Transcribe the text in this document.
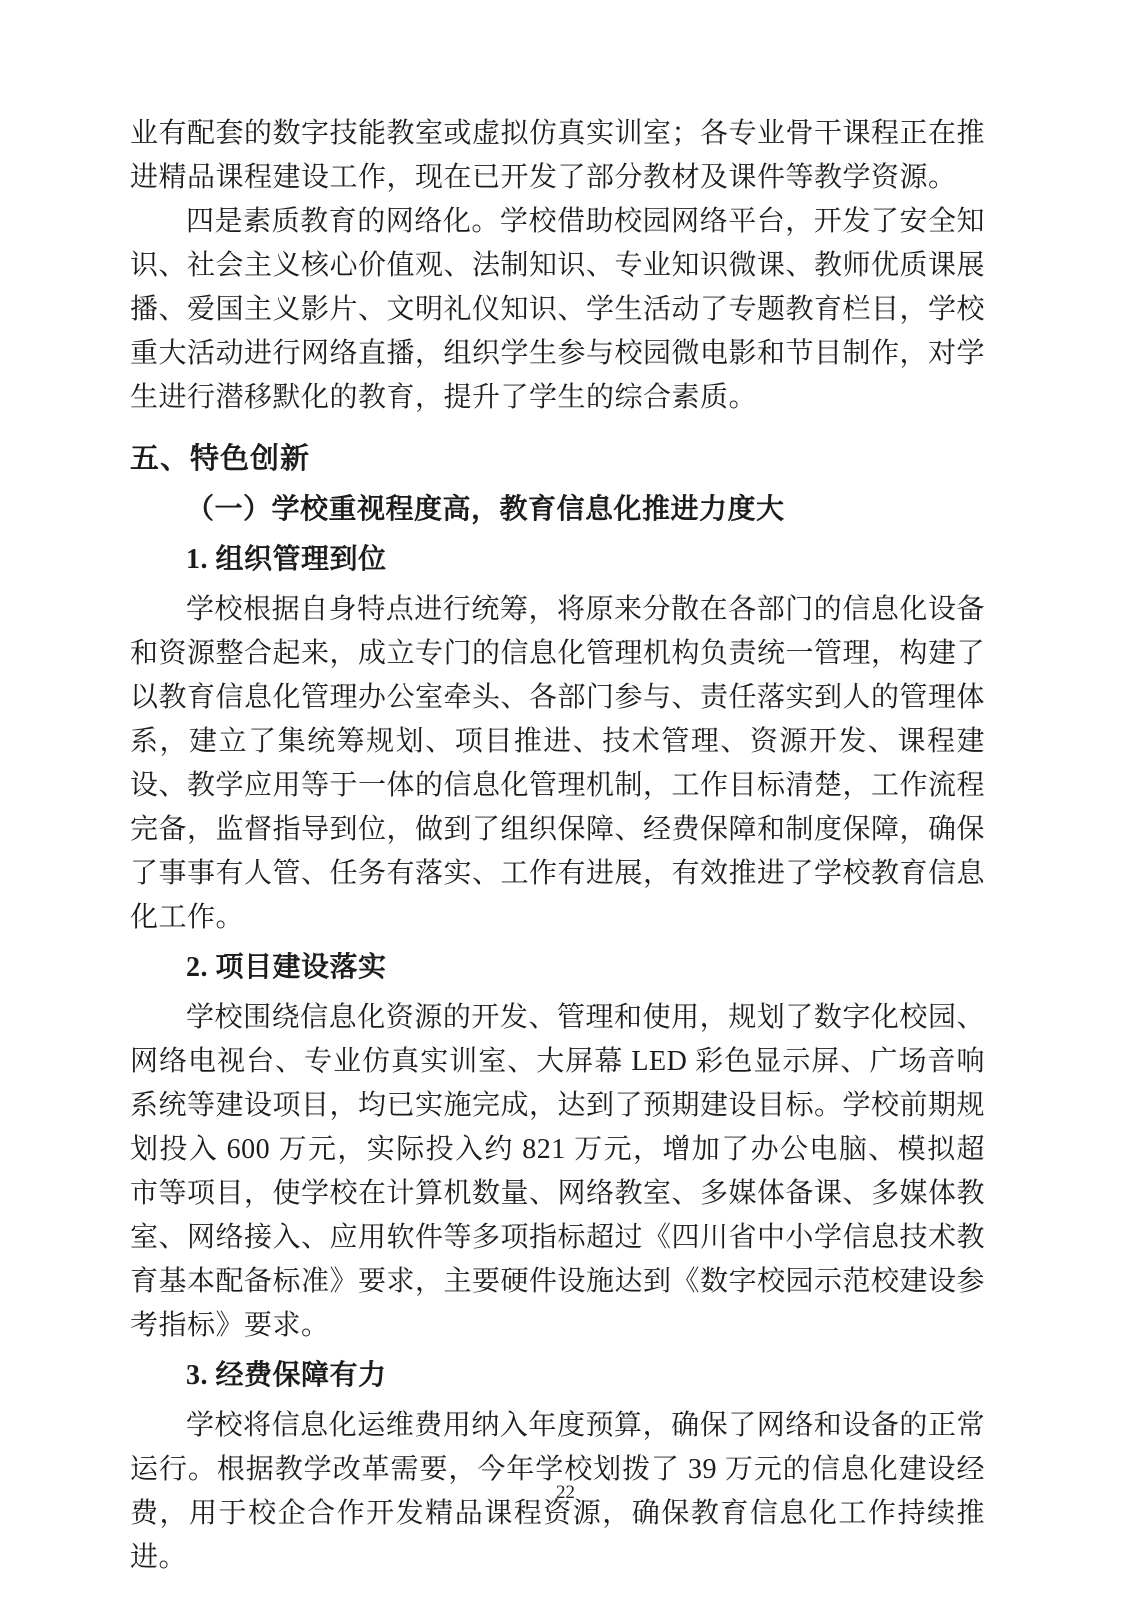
业有配套的数字技能教室或虚拟仿真实训室；各专业骨干课程正在推进精品课程建设工作，现在已开发了部分教材及课件等教学资源。

四是素质教育的网络化。学校借助校园网络平台，开发了安全知识、社会主义核心价值观、法制知识、专业知识微课、教师优质课展播、爱国主义影片、文明礼仪知识、学生活动了专题教育栏目，学校重大活动进行网络直播，组织学生参与校园微电影和节目制作，对学生进行潜移默化的教育，提升了学生的综合素质。

五、特色创新
（一）学校重视程度高，教育信息化推进力度大
1. 组织管理到位

学校根据自身特点进行统筹，将原来分散在各部门的信息化设备和资源整合起来，成立专门的信息化管理机构负责统一管理，构建了以教育信息化管理办公室牵头、各部门参与、责任落实到人的管理体系，建立了集统筹规划、项目推进、技术管理、资源开发、课程建设、教学应用等于一体的信息化管理机制，工作目标清楚，工作流程完备，监督指导到位，做到了组织保障、经费保障和制度保障，确保了事事有人管、任务有落实、工作有进展，有效推进了学校教育信息化工作。

2. 项目建设落实

学校围绕信息化资源的开发、管理和使用，规划了数字化校园、网络电视台、专业仿真实训室、大屏幕 LED 彩色显示屏、广场音响系统等建设项目，均已实施完成，达到了预期建设目标。学校前期规划投入 600 万元，实际投入约 821 万元，增加了办公电脑、模拟超市等项目，使学校在计算机数量、网络教室、多媒体备课、多媒体教室、网络接入、应用软件等多项指标超过《四川省中小学信息技术教育基本配备标准》要求，主要硬件设施达到《数字校园示范校建设参考指标》要求。

3. 经费保障有力

学校将信息化运维费用纳入年度预算，确保了网络和设备的正常运行。根据教学改革需要，今年学校划拨了 39 万元的信息化建设经费，用于校企合作开发精品课程资源，确保教育信息化工作持续推进。

22
